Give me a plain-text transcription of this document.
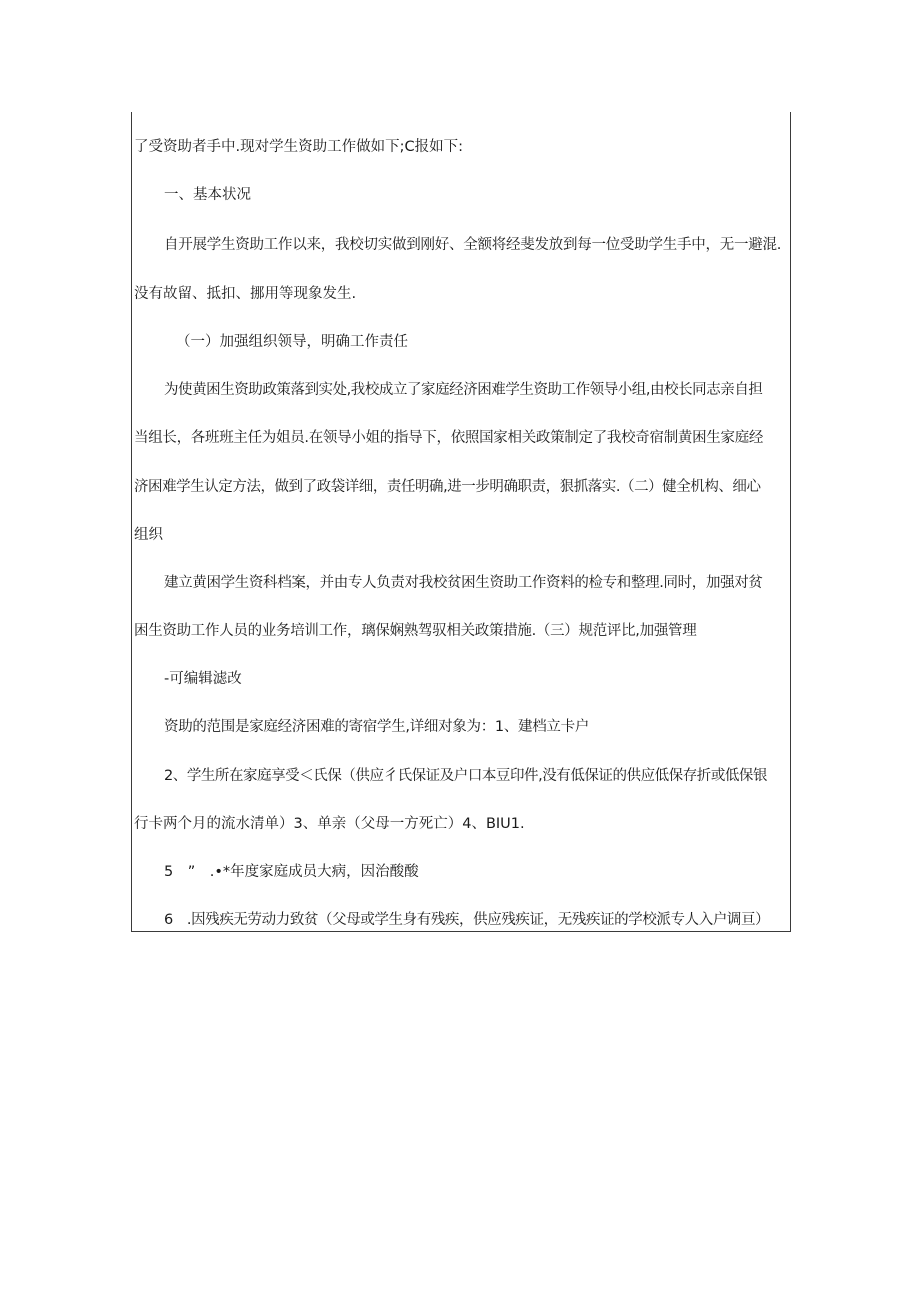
了受资助者手中.现对学生资助工作做如下;C报如下:
一、基本状况
自开展学生资助工作以来，我校切实做到刚好、全额将经斐发放到每一位受助学生手中，无一避混.
没有故留、抵扣、挪用等现象发生.
（一）加强组织领导，明确工作责任
为使黄困生资助政策落到实处,我校成立了家庭经济困难学生资助工作领导小组,由校长同志亲自担
当组长，各班班主任为姐员.在领导小姐的指导下，依照国家相关政策制定了我校奇宿制黄困生家庭经
济困难学生认定方法，做到了政袋详细，责任明确,进一步明确职责，狠抓落实.（二）健全机构、细心
组织
建立黄困学生资科档案，并由专人负责对我校贫困生资助工作资料的检专和整理.同时，加强对贫
困生资助工作人员的业务培训工作，璃保娴熟驾驭相关政策措施.（三）规范评比,加强管理
-可编辑滤改
资助的范围是家庭经济困难的寄宿学生,详细对象为：1、建档立卡户
2、学生所在家庭享受＜氏保（供应彳氏保证及户口本豆印件,没有低保证的供应低保存折或低保银
行卡两个月的流水清单）3、单亲（父母一方死亡）4、BIU1.
5　”　.•*年度家庭成员大病，因治酸酸
6　.因残疾无劳动力致贫（父母或学生身有残疾，供应残疾证，无残疾证的学校派专人入户调亘）
